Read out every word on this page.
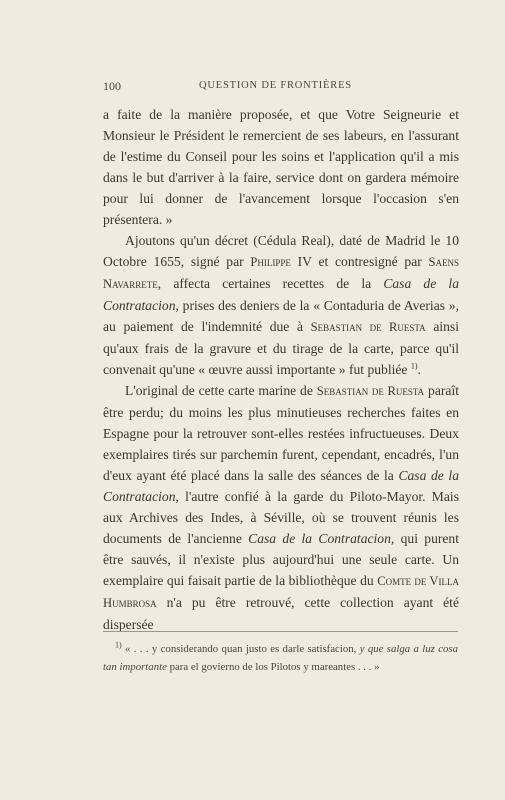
100	QUESTION DE FRONTIÈRES

a faite de la manière proposée, et que Votre Seigneurie et Monsieur le Président le remercient de ses labeurs, en l'assurant de l'estime du Conseil pour les soins et l'application qu'il a mis dans le but d'arriver à la faire, service dont on gardera mémoire pour lui donner de l'avancement lorsque l'occasion s'en présentera. »

Ajoutons qu'un décret (Cédula Real), daté de Madrid le 10 Octobre 1655, signé par Philippe IV et contresigné par Saens Navarrete, affecta certaines recettes de la Casa de la Contratacion, prises des deniers de la « Contaduria de Averias », au paiement de l'indemnité due à Sebastian de Ruesta ainsi qu'aux frais de la gravure et du tirage de la carte, parce qu'il convenait qu'une « œuvre aussi importante » fut publiée $^{1)}$.

L'original de cette carte marine de Sebastian de Ruesta paraît être perdu; du moins les plus minutieuses recherches faites en Espagne pour la retrouver sont-elles restées infructueuses. Deux exemplaires tirés sur parchemin furent, cependant, encadrés, l'un d'eux ayant été placé dans la salle des séances de la Casa de la Contratacion, l'autre confié à la garde du Piloto-Mayor. Mais aux Archives des Indes, à Séville, où se trouvent réunis les documents de l'ancienne Casa de la Contratacion, qui purent être sauvés, il n'existe plus aujourd'hui une seule carte. Un exemplaire qui faisait partie de la bibliothèque du Comte de Villa Humbrosa n'a pu être retrouvé, cette collection ayant été dispersée

$^{1)}$ « . . . y considerando quan justo es darle satisfacion, y que salga a luz cosa tan importante para el govierno de los Pilotos y mareantes . . . »
